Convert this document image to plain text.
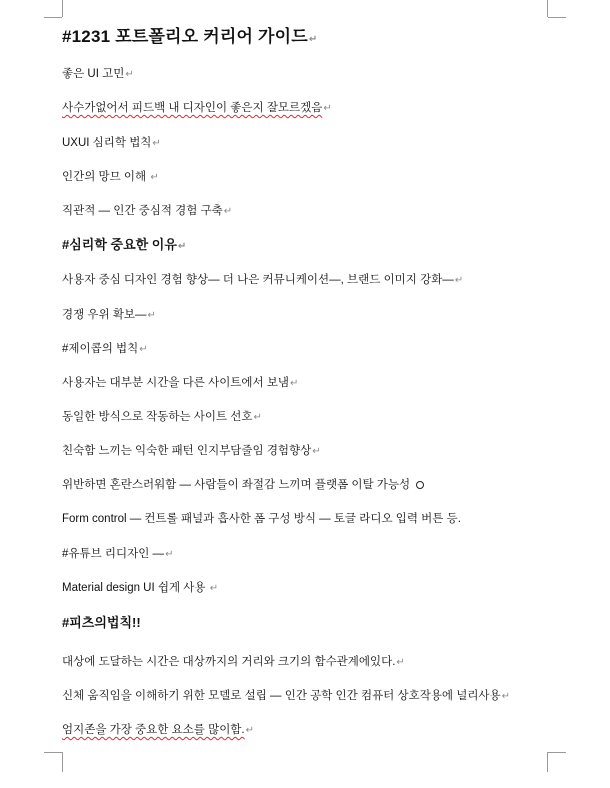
#1231 포트폴리오 커리어 가이드↵
좋은 UI 고민↵
사수가없어서 피드백 내 디자인이 좋은지 잘모르겠음↵
UXUI 심리학 법칙↵
인간의 망므 이해 ↵
직관적 — 인간 중심적 경험 구축↵
#심리학 중요한 이유↵
사용자 중심 디자인 경험 향상— 더 나은 커뮤니케이션—, 브랜드 이미지 강화—↵
경쟁 우위 확보—↵
#제이콥의 법칙↵
사용자는 대부분 시간을 다른 사이트에서 보냄↵
동일한 방식으로 작동하는 사이트 선호↵
친숙함 느끼는 익숙한 패턴 인지부담줄임 경험향상↵
위반하면 혼란스러워함 — 사람들이 좌절감 느끼며 플랫폼 이탈 가능성
Form control — 컨트롤 패널과 흡사한 폼 구성 방식 — 토글 라디오 입력 버튼 등.
#유튜브 리디자인 —↵
Material design UI 쉽게 사용 ↵
#피츠의법칙!!
대상에 도달하는 시간은 대상까지의 거리와 크기의 함수관계에있다.↵
신체 움직임을 이해하기 위한 모델로 설립 — 인간 공학 인간 컴퓨터 상호작용에 널리사용↵
엄지존을 가장 중요한 요소를 많이함.↵
